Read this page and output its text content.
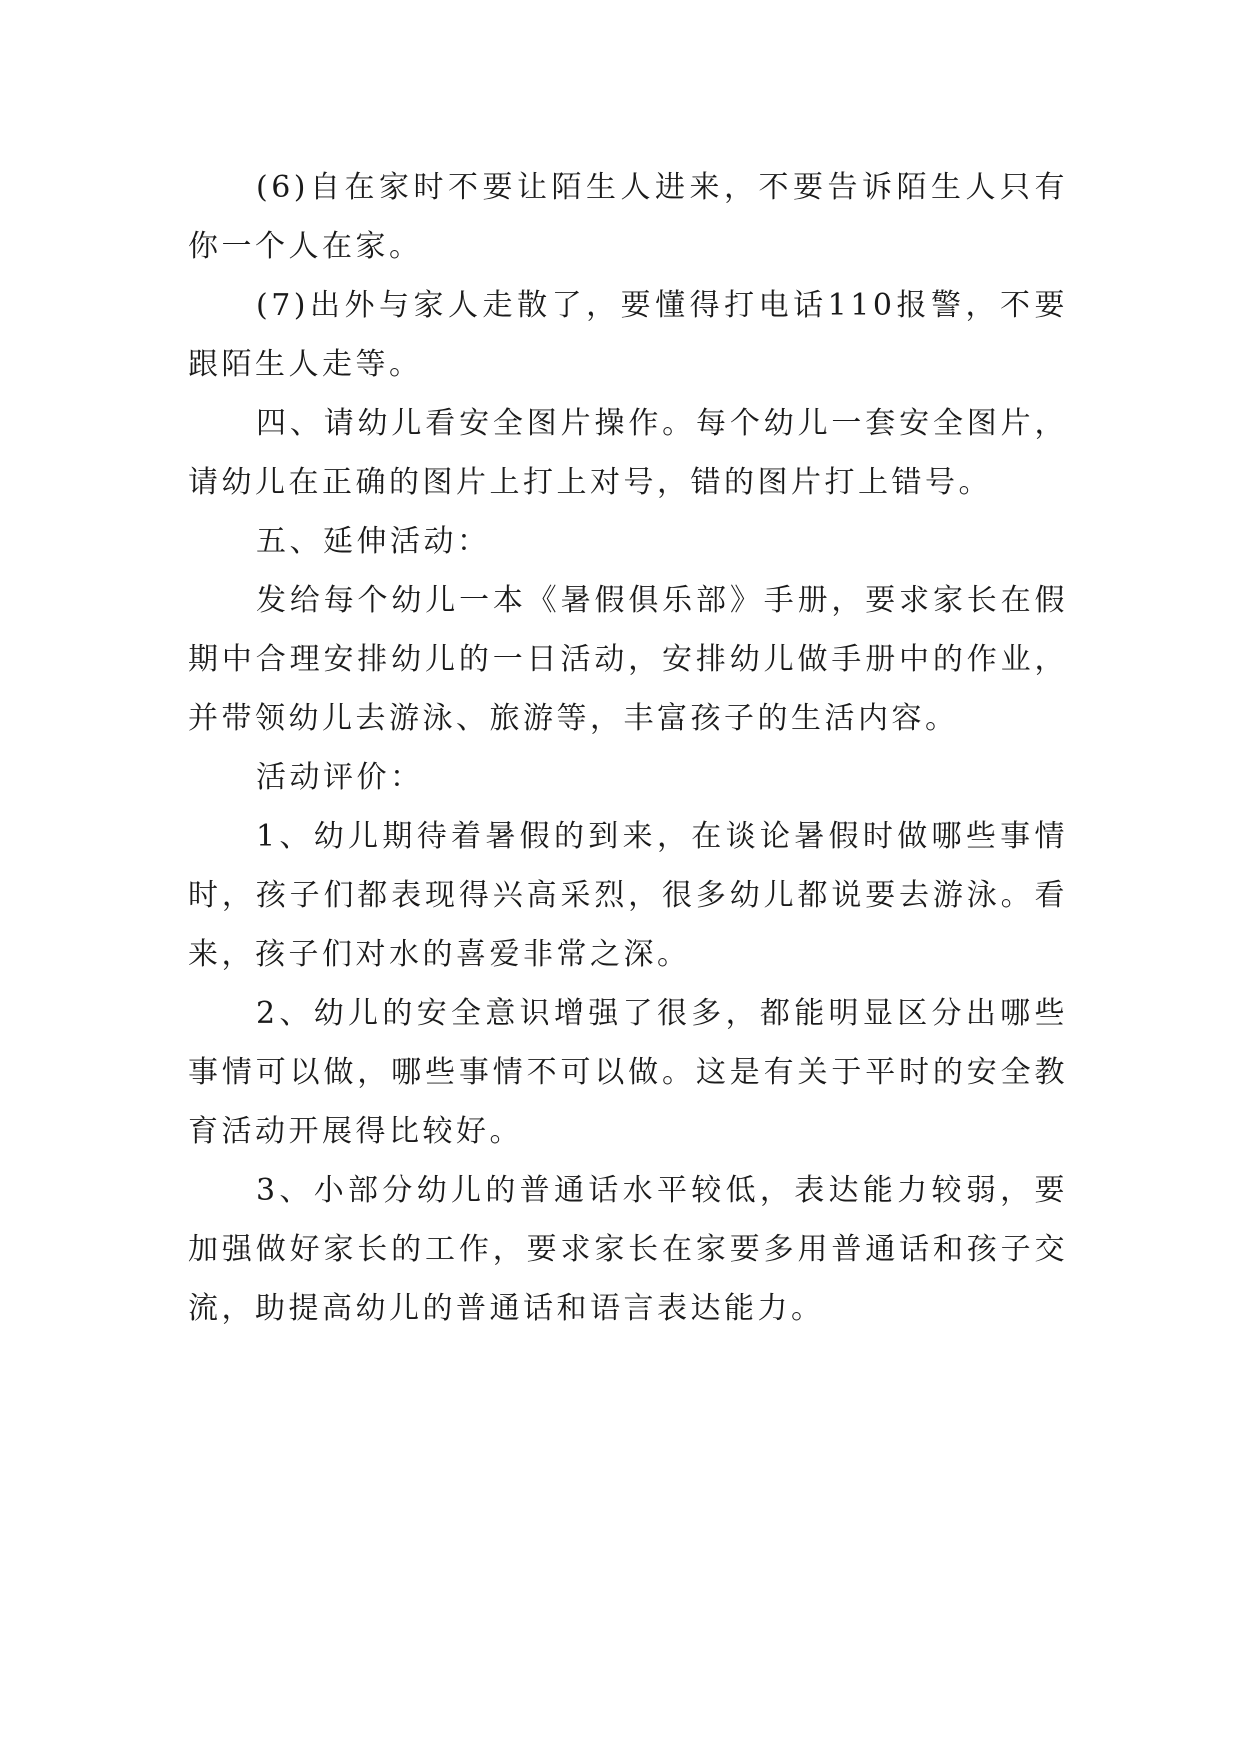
(6)自在家时不要让陌生人进来，不要告诉陌生人只有你一个人在家。

(7)出外与家人走散了，要懂得打电话110报警，不要跟陌生人走等。

四、请幼儿看安全图片操作。每个幼儿一套安全图片，请幼儿在正确的图片上打上对号，错的图片打上错号。

五、延伸活动：

发给每个幼儿一本《暑假俱乐部》手册，要求家长在假期中合理安排幼儿的一日活动，安排幼儿做手册中的作业，并带领幼儿去游泳、旅游等，丰富孩子的生活内容。

活动评价：

1、幼儿期待着暑假的到来，在谈论暑假时做哪些事情时，孩子们都表现得兴高采烈，很多幼儿都说要去游泳。看来，孩子们对水的喜爱非常之深。

2、幼儿的安全意识增强了很多，都能明显区分出哪些事情可以做，哪些事情不可以做。这是有关于平时的安全教育活动开展得比较好。

3、小部分幼儿的普通话水平较低，表达能力较弱，要加强做好家长的工作，要求家长在家要多用普通话和孩子交流，助提高幼儿的普通话和语言表达能力。
